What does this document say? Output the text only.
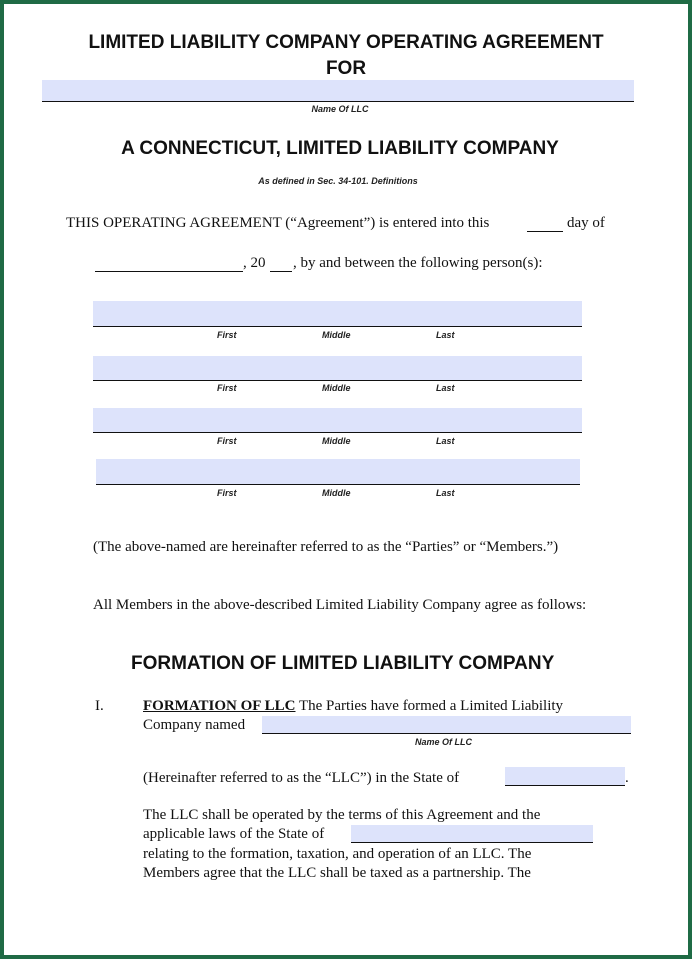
LIMITED LIABILITY COMPANY OPERATING AGREEMENT
FOR
Name Of LLC
A CONNECTICUT, LIMITED LIABILITY COMPANY
As defined in Sec. 34-101. Definitions
THIS OPERATING AGREEMENT (“Agreement”) is entered into this	day of
, 20 , by and between the following person(s):
First	Middle	Last
First	Middle	Last
First	Middle	Last
First	Middle	Last
(The above-named are hereinafter referred to as the “Parties” or “Members.”)
All Members in the above-described Limited Liability Company agree as follows:
FORMATION OF LIMITED LIABILITY COMPANY
I.	FORMATION OF LLC The Parties have formed a Limited Liability
Company named
Name Of LLC
(Hereinafter referred to as the “LLC”) in the State of	.
The LLC shall be operated by the terms of this Agreement and the
applicable laws of the State of
relating to the formation, taxation, and operation of an LLC. The
Members agree that the LLC shall be taxed as a partnership. The
